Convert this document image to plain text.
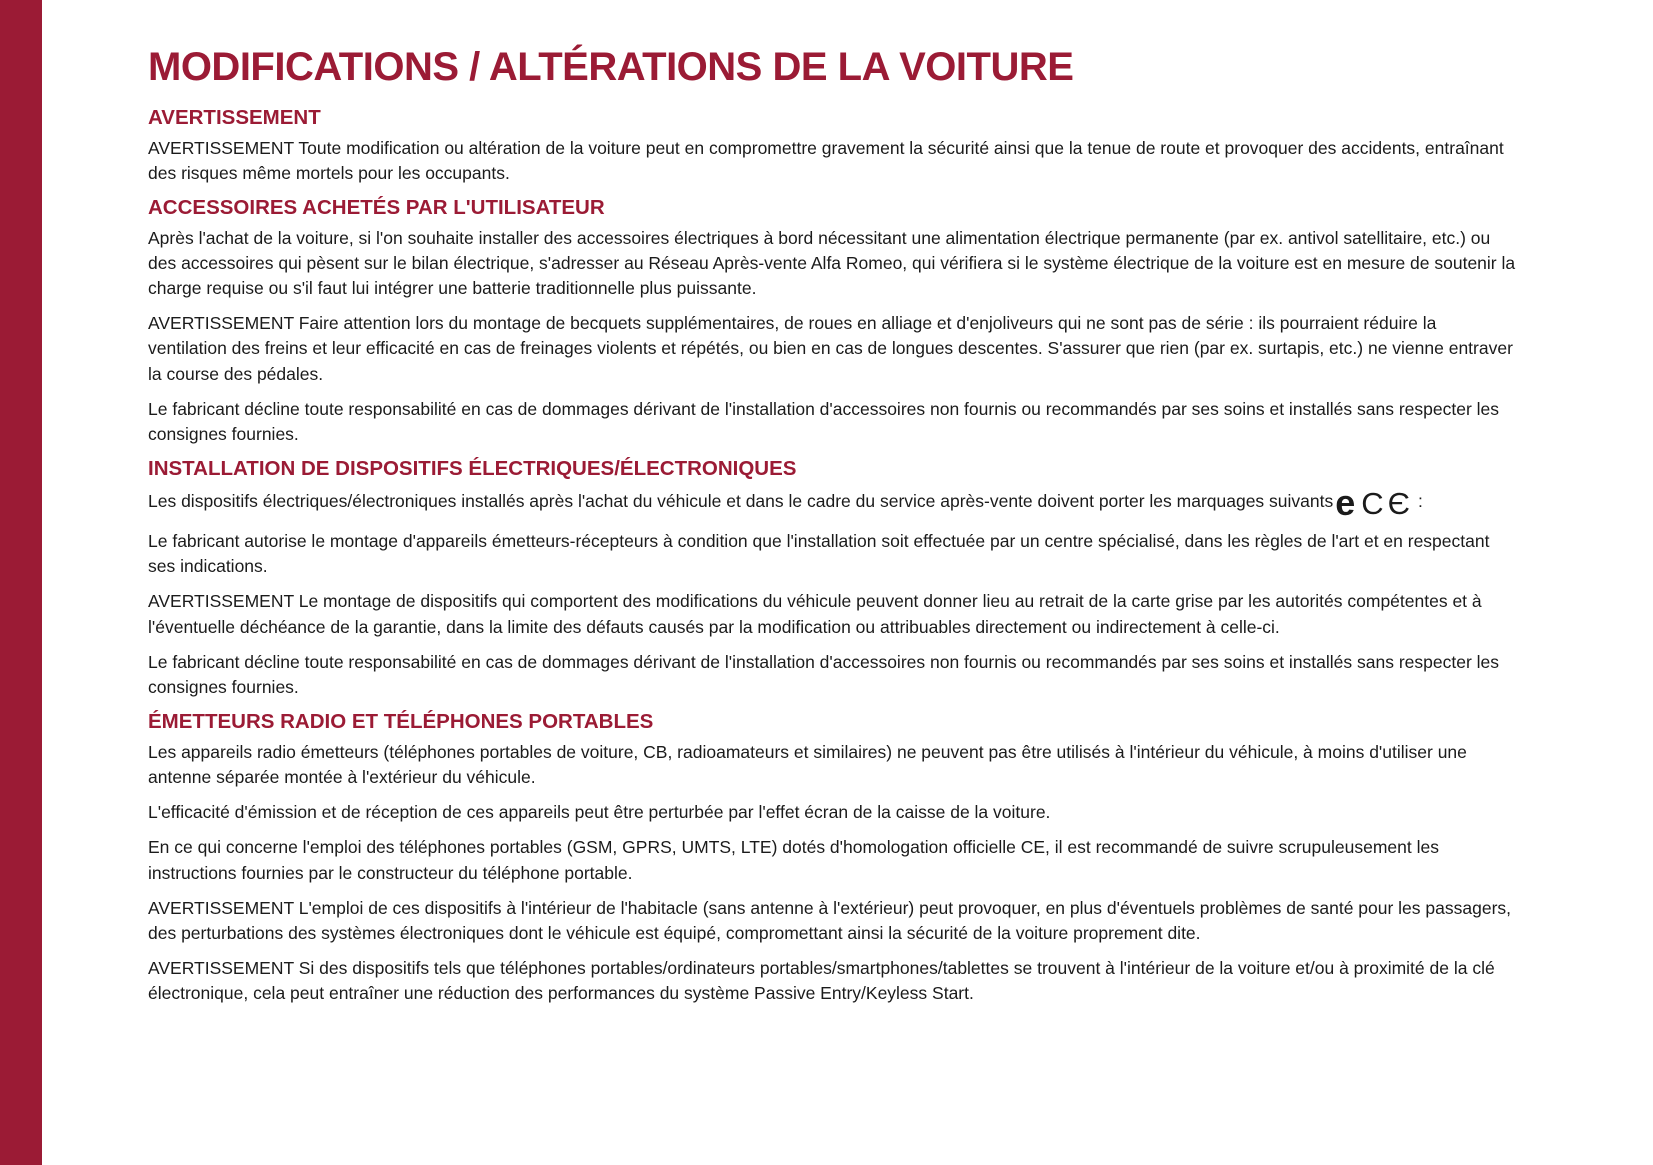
MODIFICATIONS / ALTÉRATIONS DE LA VOITURE
AVERTISSEMENT

AVERTISSEMENT Toute modification ou altération de la voiture peut en compromettre gravement la sécurité ainsi que la tenue de route et provoquer des accidents, entraînant des risques même mortels pour les occupants.

ACCESSOIRES ACHETÉS PAR L'UTILISATEUR

Après l'achat de la voiture, si l'on souhaite installer des accessoires électriques à bord nécessitant une alimentation électrique permanente (par ex. antivol satellitaire, etc.) ou des accessoires qui pèsent sur le bilan électrique, s'adresser au Réseau Après-vente Alfa Romeo, qui vérifiera si le système électrique de la voiture est en mesure de soutenir la charge requise ou s'il faut lui intégrer une batterie traditionnelle plus puissante.

AVERTISSEMENT Faire attention lors du montage de becquets supplémentaires, de roues en alliage et d'enjoliveurs qui ne sont pas de série : ils pourraient réduire la ventilation des freins et leur efficacité en cas de freinages violents et répétés, ou bien en cas de longues descentes. S'assurer que rien (par ex. surtapis, etc.) ne vienne entraver la course des pédales.

Le fabricant décline toute responsabilité en cas de dommages dérivant de l'installation d'accessoires non fournis ou recommandés par ses soins et installés sans respecter les consignes fournies.

INSTALLATION DE DISPOSITIFS ÉLECTRIQUES/ÉLECTRONIQUES

Les dispositifs électriques/électroniques installés après l'achat du véhicule et dans le cadre du service après-vente doivent porter les marquages suivantse CЄ :

Le fabricant autorise le montage d'appareils émetteurs-récepteurs à condition que l'installation soit effectuée par un centre spécialisé, dans les règles de l'art et en respectant ses indications.

AVERTISSEMENT Le montage de dispositifs qui comportent des modifications du véhicule peuvent donner lieu au retrait de la carte grise par les autorités compétentes et à l'éventuelle déchéance de la garantie, dans la limite des défauts causés par la modification ou attribuables directement ou indirectement à celle-ci.

Le fabricant décline toute responsabilité en cas de dommages dérivant de l'installation d'accessoires non fournis ou recommandés par ses soins et installés sans respecter les consignes fournies.

ÉMETTEURS RADIO ET TÉLÉPHONES PORTABLES

Les appareils radio émetteurs (téléphones portables de voiture, CB, radioamateurs et similaires) ne peuvent pas être utilisés à l'intérieur du véhicule, à moins d'utiliser une antenne séparée montée à l'extérieur du véhicule.

L'efficacité d'émission et de réception de ces appareils peut être perturbée par l'effet écran de la caisse de la voiture.

En ce qui concerne l'emploi des téléphones portables (GSM, GPRS, UMTS, LTE) dotés d'homologation officielle CE, il est recommandé de suivre scrupuleusement les instructions fournies par le constructeur du téléphone portable.

AVERTISSEMENT L'emploi de ces dispositifs à l'intérieur de l'habitacle (sans antenne à l'extérieur) peut provoquer, en plus d'éventuels problèmes de santé pour les passagers, des perturbations des systèmes électroniques dont le véhicule est équipé, compromettant ainsi la sécurité de la voiture proprement dite.

AVERTISSEMENT Si des dispositifs tels que téléphones portables/ordinateurs portables/smartphones/tablettes se trouvent à l'intérieur de la voiture et/ou à proximité de la clé électronique, cela peut entraîner une réduction des performances du système Passive Entry/Keyless Start.
